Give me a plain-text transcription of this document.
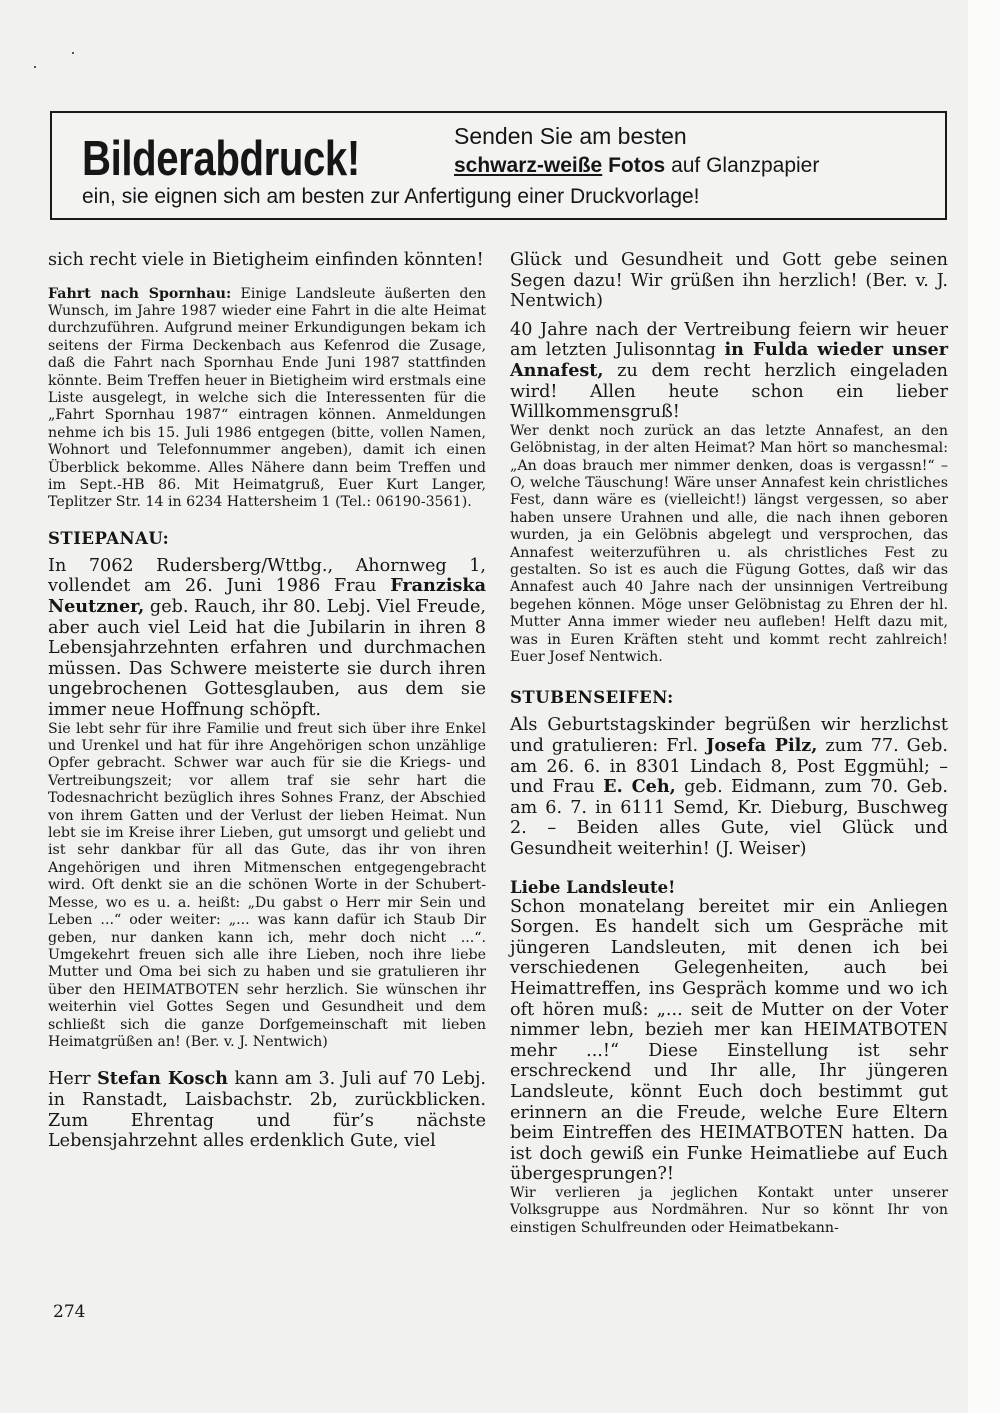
Bilderabdruck!	Senden Sie am besten
schwarz-weiße Fotos auf Glanzpapier
ein, sie eignen sich am besten zur Anfertigung einer Druckvorlage!

sich recht viele in Bietigheim einfinden könnten!

Fahrt nach Spornhau: Einige Landsleute äußerten den Wunsch, im Jahre 1987 wieder eine Fahrt in die alte Heimat durchzuführen. Aufgrund meiner Erkundigungen bekam ich seitens der Firma Deckenbach aus Kefenrod die Zusage, daß die Fahrt nach Spornhau Ende Juni 1987 stattfinden könnte. Beim Treffen heuer in Bietigheim wird erstmals eine Liste ausgelegt, in welche sich die Interessenten für die „Fahrt Spornhau 1987“ eintragen können. Anmeldungen nehme ich bis 15. Juli 1986 entgegen (bitte, vollen Namen, Wohnort und Telefonnummer angeben), damit ich einen Überblick bekomme. Alles Nähere dann beim Treffen und im Sept.-HB 86. Mit Heimatgruß, Euer Kurt Langer, Teplitzer Str. 14 in 6234 Hattersheim 1 (Tel.: 06190-3561).

STIEPANAU:

In 7062 Rudersberg/Wttbg., Ahornweg 1, vollendet am 26. Juni 1986 Frau Franziska Neutzner, geb. Rauch, ihr 80. Lebj. Viel Freude, aber auch viel Leid hat die Jubilarin in ihren 8 Lebensjahrzehnten erfahren und durchmachen müssen. Das Schwere meisterte sie durch ihren ungebrochenen Gottesglauben, aus dem sie immer neue Hoffnung schöpft.

Sie lebt sehr für ihre Familie und freut sich über ihre Enkel und Urenkel und hat für ihre Angehörigen schon unzählige Opfer gebracht. Schwer war auch für sie die Kriegs- und Vertreibungszeit; vor allem traf sie sehr hart die Todesnachricht bezüglich ihres Sohnes Franz, der Abschied von ihrem Gatten und der Verlust der lieben Heimat. Nun lebt sie im Kreise ihrer Lieben, gut umsorgt und geliebt und ist sehr dankbar für all das Gute, das ihr von ihren Angehörigen und ihren Mitmenschen entgegengebracht wird. Oft denkt sie an die schönen Worte in der Schubert-Messe, wo es u. a. heißt: „Du gabst o Herr mir Sein und Leben ...“ oder weiter: „... was kann dafür ich Staub Dir geben, nur danken kann ich, mehr doch nicht ...“. Umgekehrt freuen sich alle ihre Lieben, noch ihre liebe Mutter und Oma bei sich zu haben und sie gratulieren ihr über den HEIMATBOTEN sehr herzlich. Sie wünschen ihr weiterhin viel Gottes Segen und Gesundheit und dem schließt sich die ganze Dorfgemeinschaft mit lieben Heimatgrüßen an! (Ber. v. J. Nentwich)

Herr Stefan Kosch kann am 3. Juli auf 70 Lebj. in Ranstadt, Laisbachstr. 2b, zurückblicken. Zum Ehrentag und für’s nächste Lebensjahrzehnt alles erdenklich Gute, viel

Glück und Gesundheit und Gott gebe seinen Segen dazu! Wir grüßen ihn herzlich! (Ber. v. J. Nentwich)

40 Jahre nach der Vertreibung feiern wir heuer am letzten Julisonntag in Fulda wieder unser Annafest, zu dem recht herzlich eingeladen wird! Allen heute schon ein lieber Willkommensgruß!

Wer denkt noch zurück an das letzte Annafest, an den Gelöbnistag, in der alten Heimat? Man hört so manchesmal: „An doas brauch mer nimmer denken, doas is vergassn!“ – O, welche Täuschung! Wäre unser Annafest kein christliches Fest, dann wäre es (vielleicht!) längst vergessen, so aber haben unsere Urahnen und alle, die nach ihnen geboren wurden, ja ein Gelöbnis abgelegt und versprochen, das Annafest weiterzuführen u. als christliches Fest zu gestalten. So ist es auch die Fügung Gottes, daß wir das Annafest auch 40 Jahre nach der unsinnigen Vertreibung begehen können. Möge unser Gelöbnistag zu Ehren der hl. Mutter Anna immer wieder neu aufleben! Helft dazu mit, was in Euren Kräften steht und kommt recht zahlreich! Euer Josef Nentwich.

STUBENSEIFEN:

Als Geburtstagskinder begrüßen wir herzlichst und gratulieren: Frl. Josefa Pilz, zum 77. Geb. am 26. 6. in 8301 Lindach 8, Post Eggmühl; – und Frau E. Ceh, geb. Eidmann, zum 70. Geb. am 6. 7. in 6111 Semd, Kr. Dieburg, Buschweg 2. – Beiden alles Gute, viel Glück und Gesundheit weiterhin! (J. Weiser)

Liebe Landsleute!

Schon monatelang bereitet mir ein Anliegen Sorgen. Es handelt sich um Gespräche mit jüngeren Landsleuten, mit denen ich bei verschiedenen Gelegenheiten, auch bei Heimattreffen, ins Gespräch komme und wo ich oft hören muß: „... seit de Mutter on der Voter nimmer lebn, bezieh mer kan HEIMATBOTEN mehr ...!“ Diese Einstellung ist sehr erschreckend und Ihr alle, Ihr jüngeren Landsleute, könnt Euch doch bestimmt gut erinnern an die Freude, welche Eure Eltern beim Eintreffen des HEIMATBOTEN hatten. Da ist doch gewiß ein Funke Heimatliebe auf Euch übergesprungen?!

Wir verlieren ja jeglichen Kontakt unter unserer Volksgruppe aus Nordmähren. Nur so könnt Ihr von einstigen Schulfreunden oder Heimatbekann-

274
